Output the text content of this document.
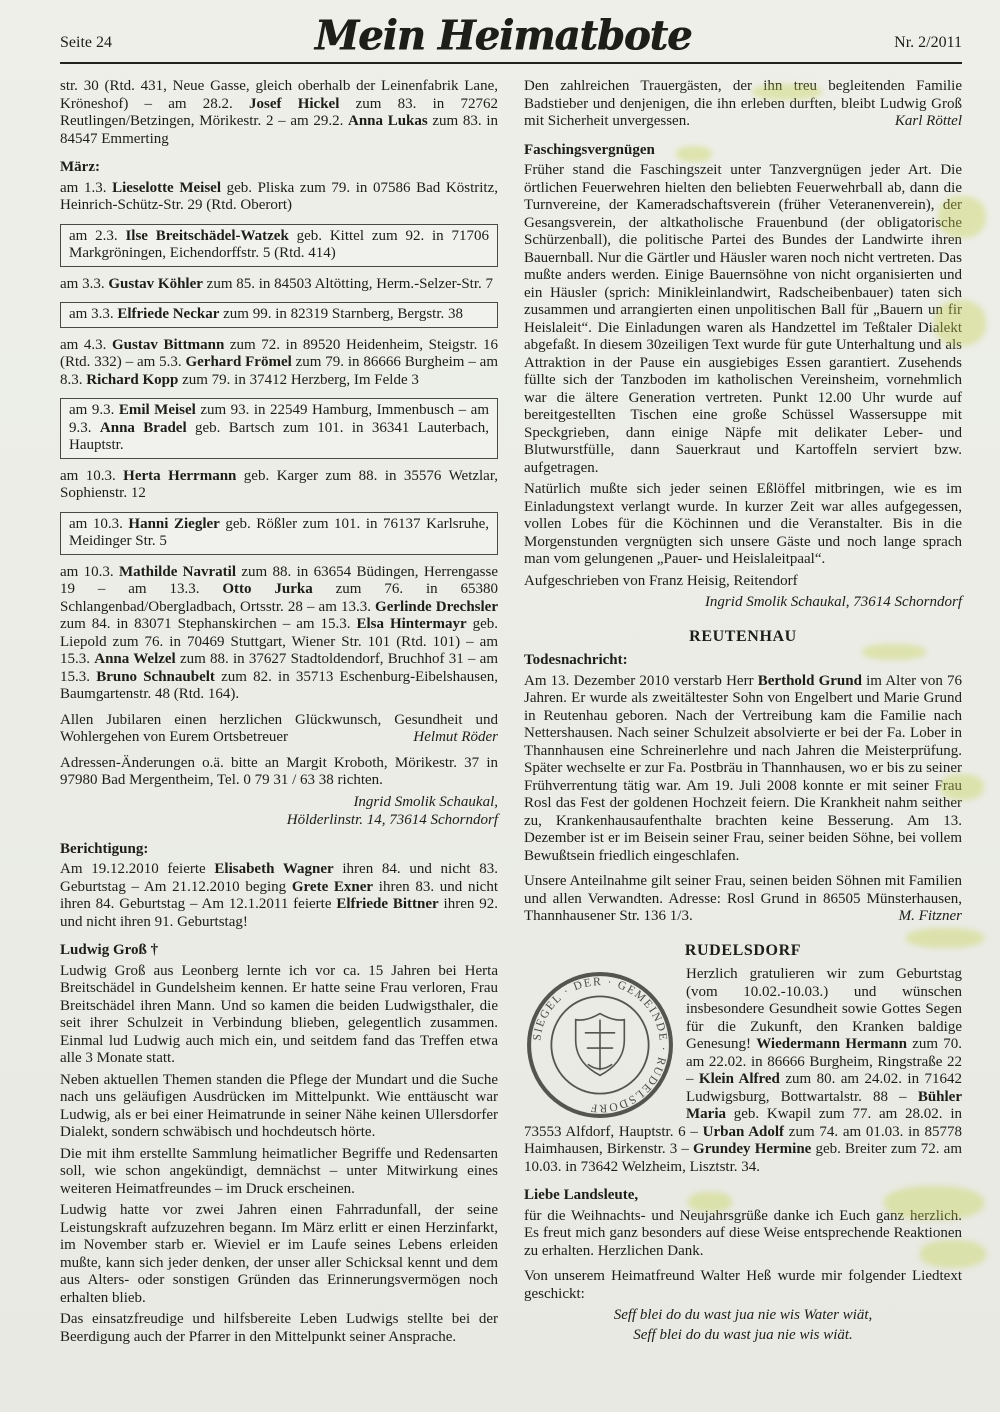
Seite 24	Mein Heimatbote	Nr. 2/2011

str. 30 (Rtd. 431, Neue Gasse, gleich oberhalb der Leinenfabrik Lane, Kröneshof) – am 28.2. Josef Hickel zum 83. in 72762 Reutlingen/Betzingen, Mörikestr. 2 – am 29.2. Anna Lukas zum 83. in 84547 Emmerting

März:

am 1.3. Lieselotte Meisel geb. Pliska zum 79. in 07586 Bad Köstritz, Heinrich-Schütz-Str. 29 (Rtd. Oberort)

am 2.3. Ilse Breitschädel-Watzek geb. Kittel zum 92. in 71706 Markgröningen, Eichendorffstr. 5 (Rtd. 414)

am 3.3. Gustav Köhler zum 85. in 84503 Altötting, Herm.-Selzer-Str. 7

am 3.3. Elfriede Neckar zum 99. in 82319 Starnberg, Bergstr. 38

am 4.3. Gustav Bittmann zum 72. in 89520 Heidenheim, Steigstr. 16 (Rtd. 332) – am 5.3. Gerhard Frömel zum 79. in 86666 Burgheim – am 8.3. Richard Kopp zum 79. in 37412 Herzberg, Im Felde 3

am 9.3. Emil Meisel zum 93. in 22549 Hamburg, Immenbusch – am 9.3. Anna Bradel geb. Bartsch zum 101. in 36341 Lauterbach, Hauptstr.

am 10.3. Herta Herrmann geb. Karger zum 88. in 35576 Wetzlar, Sophienstr. 12

am 10.3. Hanni Ziegler geb. Rößler zum 101. in 76137 Karlsruhe, Meidinger Str. 5

am 10.3. Mathilde Navratil zum 88. in 63654 Büdingen, Herrengasse 19 – am 13.3. Otto Jurka zum 76. in 65380 Schlangenbad/Obergladbach, Ortsstr. 28 – am 13.3. Gerlinde Drechsler zum 84. in 83071 Stephanskirchen – am 15.3. Elsa Hintermayr geb. Liepold zum 76. in 70469 Stuttgart, Wiener Str. 101 (Rtd. 101) – am 15.3. Anna Welzel zum 88. in 37627 Stadtoldendorf, Bruchhof 31 – am 15.3. Bruno Schnaubelt zum 82. in 35713 Eschenburg-Eibelshausen, Baumgartenstr. 48 (Rtd. 164).

Allen Jubilaren einen herzlichen Glückwunsch, Gesundheit und Wohlergehen von Eurem Ortsbetreuer	Helmut Röder

Adressen-Änderungen o.ä. bitte an Margit Kroboth, Mörikestr. 37 in 97980 Bad Mergentheim, Tel. 0 79 31 / 63 38 richten.

Ingrid Smolik Schaukal,

Hölderlinstr. 14, 73614 Schorndorf

Berichtigung:

Am 19.12.2010 feierte Elisabeth Wagner ihren 84. und nicht 83. Geburtstag – Am 21.12.2010 beging Grete Exner ihren 83. und nicht ihren 84. Geburtstag – Am 12.1.2011 feierte Elfriede Bittner ihren 92. und nicht ihren 91. Geburtstag!

Ludwig Groß †

Ludwig Groß aus Leonberg lernte ich vor ca. 15 Jahren bei Herta Breitschädel in Gundelsheim kennen. Er hatte seine Frau verloren, Frau Breitschädel ihren Mann. Und so kamen die beiden Ludwigsthaler, die seit ihrer Schulzeit in Verbindung blieben, gelegentlich zusammen. Einmal lud Ludwig auch mich ein, und seitdem fand das Treffen etwa alle 3 Monate statt.

Neben aktuellen Themen standen die Pflege der Mundart und die Suche nach uns geläufigen Ausdrücken im Mittelpunkt. Wie enttäuscht war Ludwig, als er bei einer Heimatrunde in seiner Nähe keinen Ullersdorfer Dialekt, sondern schwäbisch und hochdeutsch hörte.

Die mit ihm erstellte Sammlung heimatlicher Begriffe und Redensarten soll, wie schon angekündigt, demnächst – unter Mitwirkung eines weiteren Heimatfreundes – im Druck erscheinen.

Ludwig hatte vor zwei Jahren einen Fahrradunfall, der seine Leistungskraft aufzuzehren begann. Im März erlitt er einen Herzinfarkt, im November starb er. Wieviel er im Laufe seines Lebens erleiden mußte, kann sich jeder denken, der unser aller Schicksal kennt und dem aus Alters- oder sonstigen Gründen das Erinnerungsvermögen noch erhalten blieb.

Das einsatzfreudige und hilfsbereite Leben Ludwigs stellte bei der Beerdigung auch der Pfarrer in den Mittelpunkt seiner Ansprache.

Den zahlreichen Trauergästen, der ihn treu begleitenden Familie Badstieber und denjenigen, die ihn erleben durften, bleibt Ludwig Groß mit Sicherheit unvergessen.	Karl Röttel

Faschingsvergnügen

Früher stand die Faschingszeit unter Tanzvergnügen jeder Art. Die örtlichen Feuerwehren hielten den beliebten Feuerwehrball ab, dann die Turnvereine, der Kameradschaftsverein (früher Veteranenverein), der Gesangsverein, der altkatholische Frauenbund (der obligatorische Schürzenball), die politische Partei des Bundes der Landwirte ihren Bauernball. Nur die Gärtler und Häusler waren noch nicht vertreten. Das mußte anders werden. Einige Bauernsöhne von nicht organisierten und ein Häusler (sprich: Minikleinlandwirt, Radscheibenbauer) taten sich zusammen und arrangierten einen unpolitischen Ball für „Bauern un fir Heislaleit“. Die Einladungen waren als Handzettel im Teßtaler Dialekt abgefaßt. In diesem 30zeiligen Text wurde für gute Unterhaltung und als Attraktion in der Pause ein ausgiebiges Essen garantiert. Zusehends füllte sich der Tanzboden im katholischen Vereinsheim, vornehmlich war die ältere Generation vertreten. Punkt 12.00 Uhr wurde auf bereitgestellten Tischen eine große Schüssel Wassersuppe mit Speckgrieben, dann einige Näpfe mit delikater Leber- und Blutwurstfülle, dann Sauerkraut und Kartoffeln serviert bzw. aufgetragen.

Natürlich mußte sich jeder seinen Eßlöffel mitbringen, wie es im Einladungstext verlangt wurde. In kurzer Zeit war alles aufgegessen, vollen Lobes für die Köchinnen und die Veranstalter. Bis in die Morgenstunden vergnügten sich unsere Gäste und noch lange sprach man vom gelungenen „Pauer- und Heislaleitpaal“.

Aufgeschrieben von Franz Heisig, Reitendorf

Ingrid Smolik Schaukal, 73614 Schorndorf

REUTENHAU

Todesnachricht:

Am 13. Dezember 2010 verstarb Herr Berthold Grund im Alter von 76 Jahren. Er wurde als zweitältester Sohn von Engelbert und Marie Grund in Reutenhau geboren. Nach der Vertreibung kam die Familie nach Nettershausen. Nach seiner Schulzeit absolvierte er bei der Fa. Lober in Thannhausen eine Schreinerlehre und nach Jahren die Meisterprüfung. Später wechselte er zur Fa. Postbräu in Thannhausen, wo er bis zu seiner Frühverrentung tätig war. Am 19. Juli 2008 konnte er mit seiner Frau Rosl das Fest der goldenen Hochzeit feiern. Die Krankheit nahm seither zu, Krankenhausaufenthalte brachten keine Besserung. Am 13. Dezember ist er im Beisein seiner Frau, seiner beiden Söhne, bei vollem Bewußtsein friedlich eingeschlafen.

Unsere Anteilnahme gilt seiner Frau, seinen beiden Söhnen mit Familien und allen Verwandten. Adresse: Rosl Grund in 86505 Münsterhausen, Thannhausener Str. 136 1/3.	M. Fitzner

RUDELSDORF
SIEGEL · DER · GEMEINDE · RUDELSDORF
Herzlich gratulieren wir zum Geburtstag (vom 10.02.-10.03.) und wünschen insbesondere Gesundheit sowie Gottes Segen für die Zukunft, den Kranken baldige Genesung! Wiedermann Hermann zum 70. am 22.02. in 86666 Burgheim, Ringstraße 22 – Klein Alfred zum 80. am 24.02. in 71642 Ludwigsburg, Bottwartalstr. 88 – Bühler Maria geb. Kwapil zum 77. am 28.02. in 73553 Alfdorf, Hauptstr. 6 – Urban Adolf zum 74. am 01.03. in 85778 Haimhausen, Birkenstr. 3 – Grundey Hermine geb. Breiter zum 72. am 10.03. in 73642 Welzheim, Lisztstr. 34.

Liebe Landsleute,

für die Weihnachts- und Neujahrsgrüße danke ich Euch ganz herzlich. Es freut mich ganz besonders auf diese Weise entsprechende Reaktionen zu erhalten. Herzlichen Dank.

Von unserem Heimatfreund Walter Heß wurde mir folgender Liedtext geschickt:

Seff blei do du wast jua nie wis Water wiät,

Seff blei do du wast jua nie wis wiät.
